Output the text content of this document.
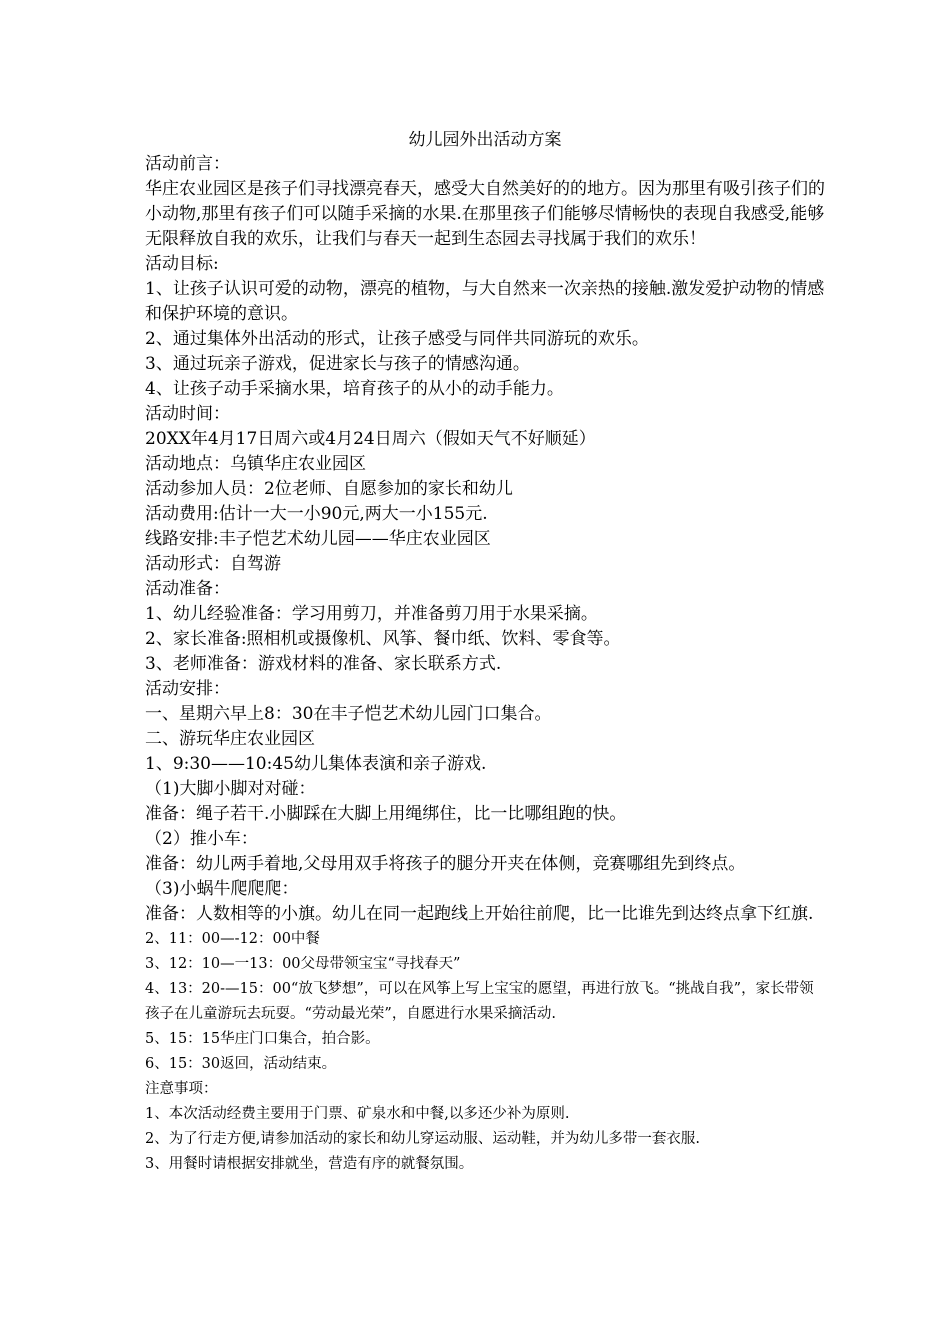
幼儿园外出活动方案
活动前言：
华庄农业园区是孩子们寻找漂亮春天，感受大自然美好的的地方。因为那里有吸引孩子们的小动物,那里有孩子们可以随手采摘的水果.在那里孩子们能够尽情畅快的表现自我感受,能够无限释放自我的欢乐，让我们与春天一起到生态园去寻找属于我们的欢乐！
活动目标:
1、让孩子认识可爱的动物，漂亮的植物，与大自然来一次亲热的接触.激发爱护动物的情感和保护环境的意识。
2、通过集体外出活动的形式，让孩子感受与同伴共同游玩的欢乐。
3、通过玩亲子游戏，促进家长与孩子的情感沟通。
4、让孩子动手采摘水果，培育孩子的从小的动手能力。
活动时间：
20XX年4月17日周六或4月24日周六（假如天气不好顺延）
活动地点：乌镇华庄农业园区
活动参加人员：2位老师、自愿参加的家长和幼儿
活动费用:估计一大一小90元,两大一小155元.
线路安排:丰子恺艺术幼儿园——华庄农业园区
活动形式：自驾游
活动准备：
1、幼儿经验准备：学习用剪刀，并准备剪刀用于水果采摘。
2、家长准备:照相机或摄像机、风筝、餐巾纸、饮料、零食等。
3、老师准备：游戏材料的准备、家长联系方式.
活动安排：
一、星期六早上8：30在丰子恺艺术幼儿园门口集合。
二、游玩华庄农业园区
1、9:30——10:45幼儿集体表演和亲子游戏.
（1)大脚小脚对对碰：
准备：绳子若干.小脚踩在大脚上用绳绑住，比一比哪组跑的快。
（2）推小车：
准备：幼儿两手着地,父母用双手将孩子的腿分开夹在体侧，竞赛哪组先到终点。
（3)小蜗牛爬爬爬：
准备：人数相等的小旗。幼儿在同一起跑线上开始往前爬，比一比谁先到达终点拿下红旗.
2、11：00—-12：00中餐
3、12：10—一13：00父母带领宝宝“寻找春天”
4、13：20-—15：00“放飞梦想”，可以在风筝上写上宝宝的愿望，再进行放飞。“挑战自我”，家长带领孩子在儿童游玩去玩耍。“劳动最光荣”，自愿进行水果采摘活动.
5、15：15华庄门口集合，拍合影。
6、15：30返回，活动结束。
注意事项：
1、本次活动经费主要用于门票、矿泉水和中餐,以多还少补为原则.
2、为了行走方便,请参加活动的家长和幼儿穿运动服、运动鞋，并为幼儿多带一套衣服.
3、用餐时请根据安排就坐，营造有序的就餐氛围。
